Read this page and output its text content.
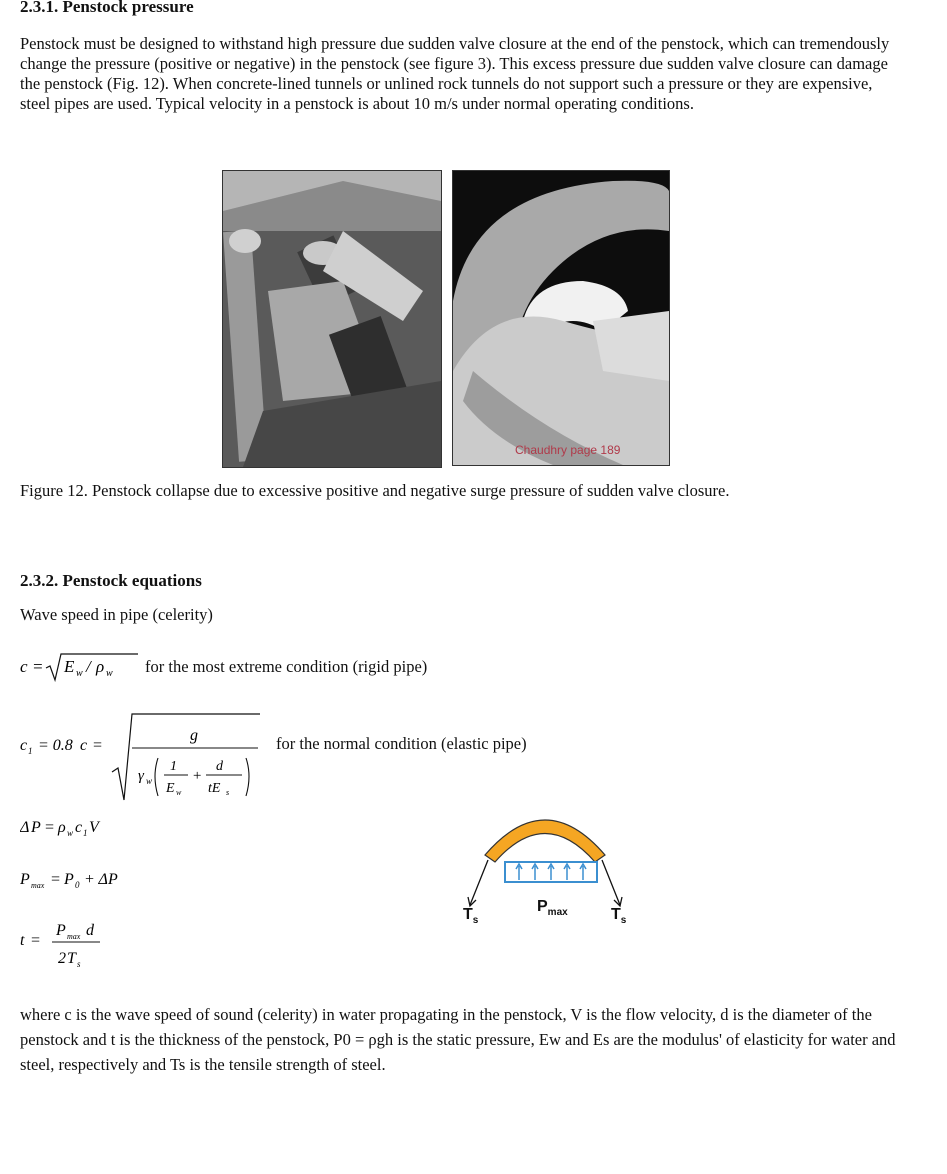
2.3.1. Penstock pressure
Penstock must be designed to withstand high pressure due sudden valve closure at the end of the penstock, which can tremendously change the pressure (positive or negative) in the penstock (see figure 3). This excess pressure due sudden valve closure can damage the penstock (Fig. 12). When concrete-lined tunnels or unlined rock tunnels do not support such a pressure or they are expensive, steel pipes are used. Typical velocity in a penstock is about 10 m/s under normal operating conditions.
Chaudhry page 189
Figure 12. Penstock collapse due to excessive positive and negative surge pressure of sudden valve closure.
2.3.2. Penstock equations
Wave speed in pipe (celerity)
c = E w / ρ w for the most extreme condition (rigid pipe)
c 1 = 0.8 c =
g
γ w
1
E w
+
d
tE s
for the normal condition (elastic pipe)
Δ P = ρ w c 1 V
P max = P 0 + Δ P
t =
P max d
2 T s
$T_s$
$P_{max}$	$T_s$
where c is the wave speed of sound (celerity) in water propagating in the penstock, V is the flow velocity, d is the diameter of the penstock and t is the thickness of the penstock, P0 = ρgh is the static pressure, Ew and Es are the modulus' of elasticity for water and steel, respectively and Ts is the tensile strength of steel.
